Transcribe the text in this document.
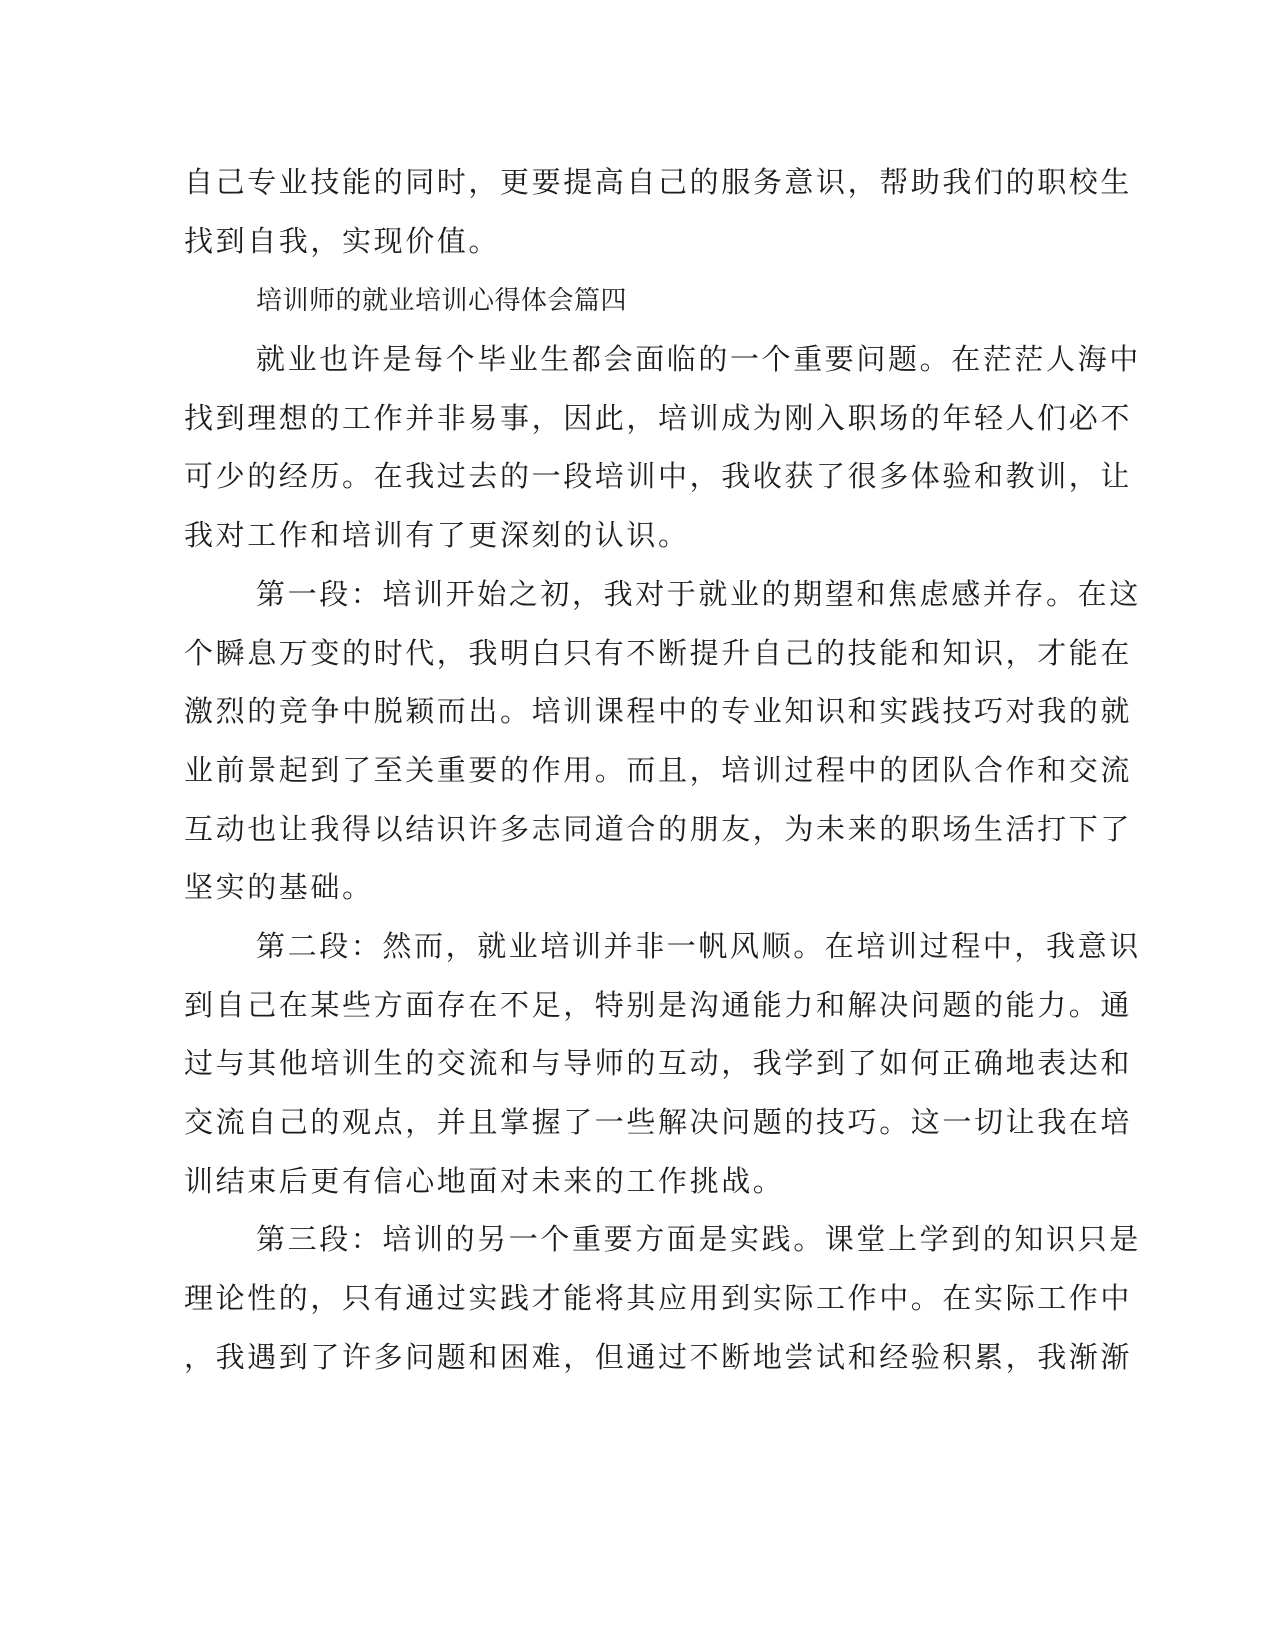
自己专业技能的同时，更要提高自己的服务意识，帮助我们的职校生
找到自我，实现价值。
培训师的就业培训心得体会篇四
就业也许是每个毕业生都会面临的一个重要问题。在茫茫人海中
找到理想的工作并非易事，因此，培训成为刚入职场的年轻人们必不
可少的经历。在我过去的一段培训中，我收获了很多体验和教训，让
我对工作和培训有了更深刻的认识。
第一段：培训开始之初，我对于就业的期望和焦虑感并存。在这
个瞬息万变的时代，我明白只有不断提升自己的技能和知识，才能在
激烈的竞争中脱颖而出。培训课程中的专业知识和实践技巧对我的就
业前景起到了至关重要的作用。而且，培训过程中的团队合作和交流
互动也让我得以结识许多志同道合的朋友，为未来的职场生活打下了
坚实的基础。
第二段：然而，就业培训并非一帆风顺。在培训过程中，我意识
到自己在某些方面存在不足，特别是沟通能力和解决问题的能力。通
过与其他培训生的交流和与导师的互动，我学到了如何正确地表达和
交流自己的观点，并且掌握了一些解决问题的技巧。这一切让我在培
训结束后更有信心地面对未来的工作挑战。
第三段：培训的另一个重要方面是实践。课堂上学到的知识只是
理论性的，只有通过实践才能将其应用到实际工作中。在实际工作中
，我遇到了许多问题和困难，但通过不断地尝试和经验积累，我渐渐
